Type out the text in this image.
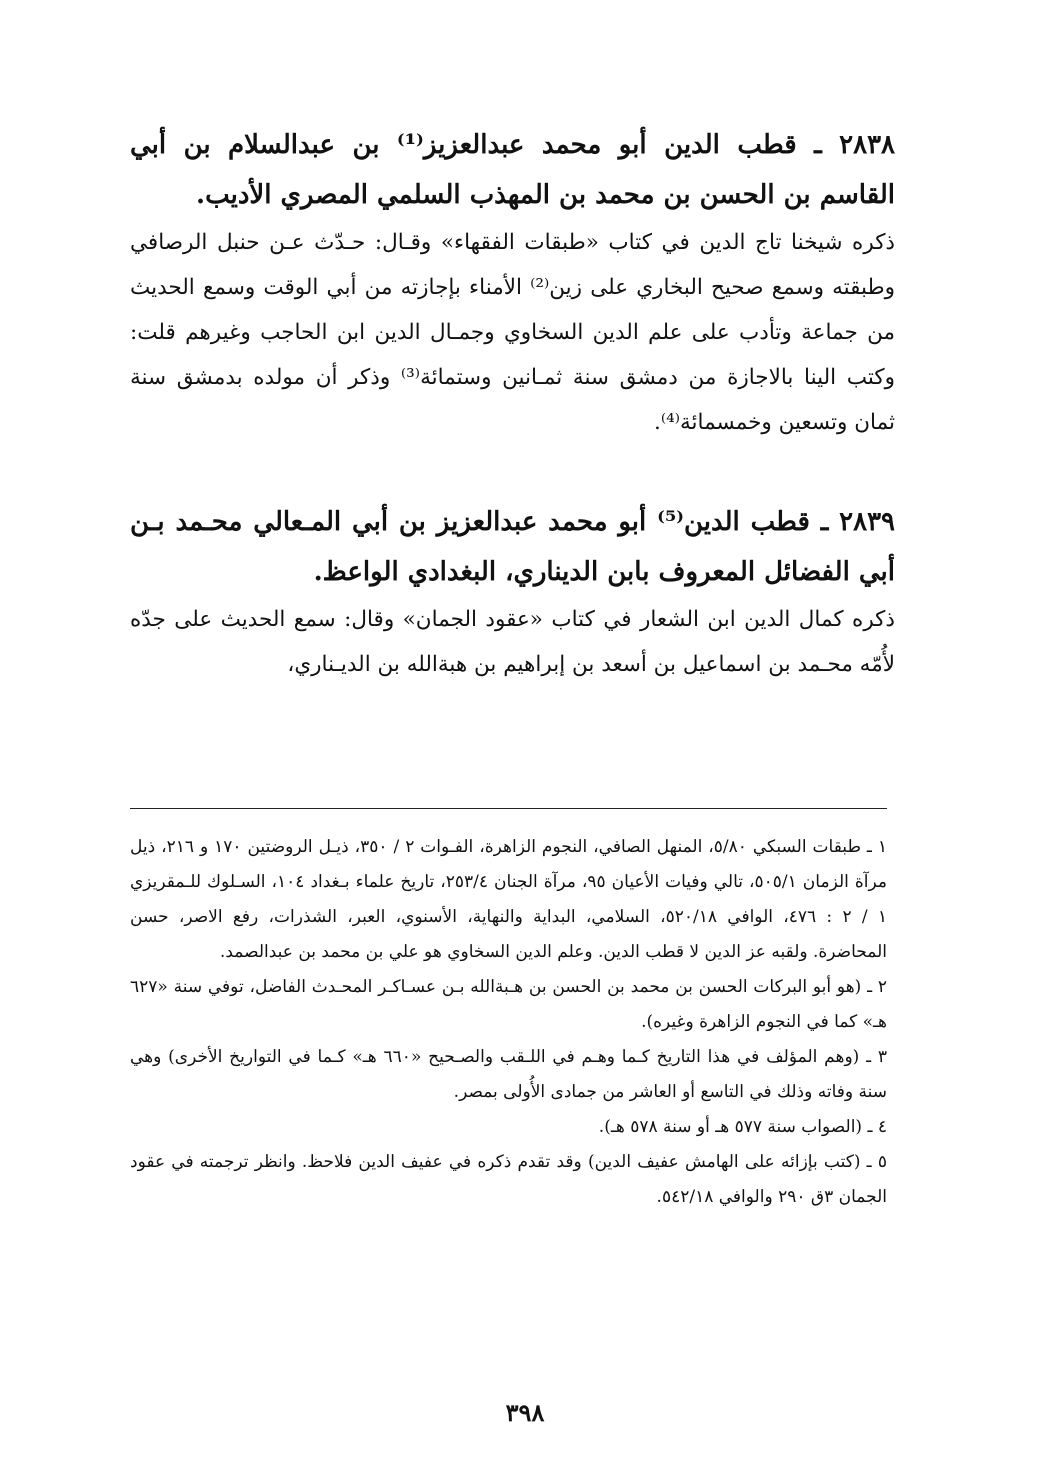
٢٨٣٨ ـ قطب الدين أبو محمد عبدالعزيز⁽¹⁾ بن عبدالسلام بن أبي القاسم بن الحسن بن محمد بن المهذب السلمي المصري الأديب.

ذكره شيخنا تاج الدين في كتاب «طبقات الفقهاء» وقـال: حـدّث عـن حنبل الرصافي وطبقته وسمع صحيح البخاري على زين⁽²⁾ الأمناء بإجازته من أبي الوقت وسمع الحديث من جماعة وتأدب على علم الدين السخاوي وجمـال الدين ابن الحاجب وغيرهم قلت: وكتب الينا بالاجازة من دمشق سنة ثمـانين وستمائة⁽³⁾ وذكر أن مولده بدمشق سنة ثمان وتسعين وخمسمائة⁽⁴⁾.

٢٨٣٩ ـ قطب الدين⁽⁵⁾ أبو محمد عبدالعزيز بن أبي المـعالي محـمد بـن أبي الفضائل المعروف بابن الديناري، البغدادي الواعظ.

ذكره كمال الدين ابن الشعار في كتاب «عقود الجمان» وقال: سمع الحديث على جدّه لأُمّه محـمد بن اسماعيل بن أسعد بن إبراهيم بن هبةالله بن الديـناري،

١ ـ طبقات السبكي ٥/٨٠، المنهل الصافي، النجوم الزاهرة، الفـوات ٢ / ٣٥٠، ذيـل الروضتين ١٧٠ و ٢١٦، ذيل مرآة الزمان ٥٠٥/١، تالي وفيات الأعيان ٩٥، مرآة الجنان ٢٥٣/٤، تاريخ علماء بـغداد ١٠٤، السـلوك للـمقريزي ١ / ٢ : ٤٧٦، الوافي ٥٢٠/١٨، السلامي، البداية والنهاية، الأسنوي، العبر، الشذرات، رفع الاصر، حسن المحاضرة. ولقبه عز الدين لا قطب الدين. وعلم الدين السخاوي هو علي بن محمد بن عبدالصمد.

٢ ـ (هو أبو البركات الحسن بن محمد بن الحسن بن هـبةالله بـن عسـاكـر المحـدث الفاضل، توفي سنة «٦٢٧ هـ» كما في النجوم الزاهرة وغيره).

٣ ـ (وهم المؤلف في هذا التاريخ كـما وهـم في اللـقب والصـحيح «٦٦٠ هـ» كـما في التواريخ الأخرى) وهي سنة وفاته وذلك في التاسع أو العاشر من جمادى الأُولى بمصر.

٤ ـ (الصواب سنة ٥٧٧ هـ أو سنة ٥٧٨ هـ).

٥ ـ (كتب بإزائه على الهامش عفيف الدين) وقد تقدم ذكره في عفيف الدين فلاحظ. وانظر ترجمته في عقود الجمان ٣ق ٢٩٠ والوافي ٥٤٢/١٨.

٣٩٨
